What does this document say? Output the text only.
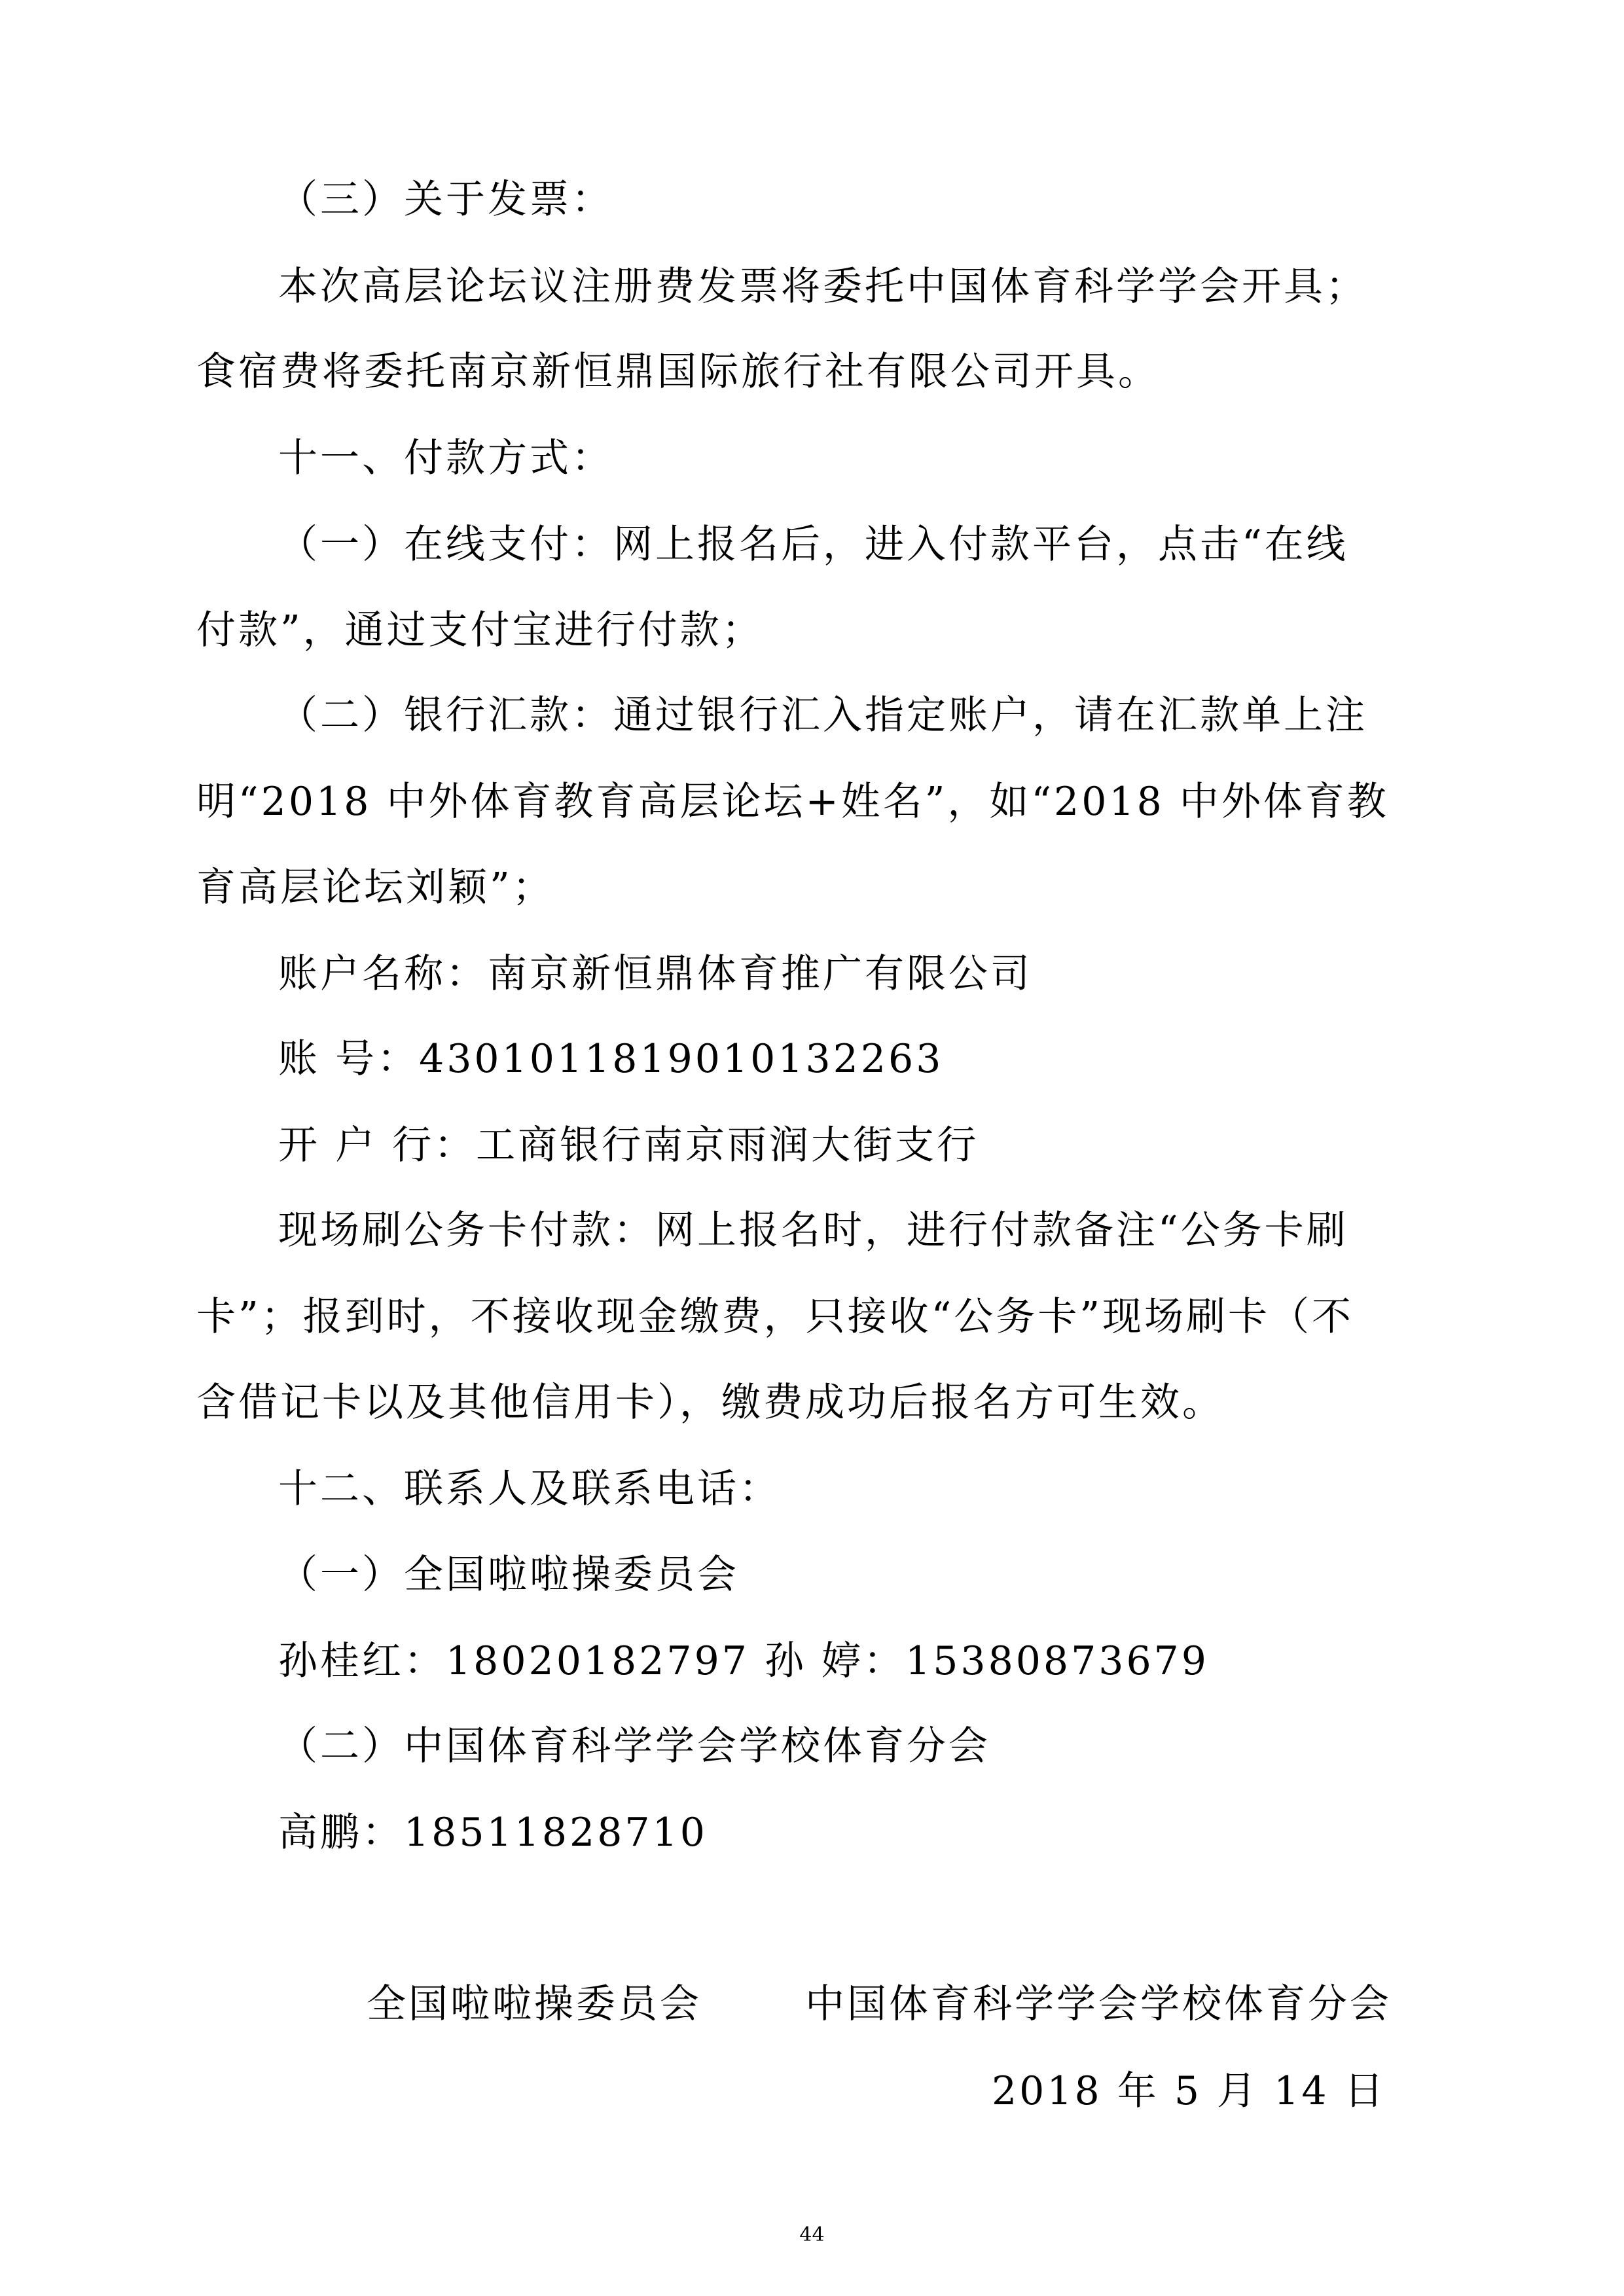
（三）关于发票：
本次高层论坛议注册费发票将委托中国体育科学学会开具；
食宿费将委托南京新恒鼎国际旅行社有限公司开具。
十一、付款方式：
（一）在线支付：网上报名后，进入付款平台，点击“在线
付款”，通过支付宝进行付款；
（二）银行汇款：通过银行汇入指定账户，请在汇款单上注
明“2018 中外体育教育高层论坛+姓名”，如“2018 中外体育教
育高层论坛刘颖”；
账户名称：南京新恒鼎体育推广有限公司
账 号：4301011819010132263
开 户 行：工商银行南京雨润大街支行
现场刷公务卡付款：网上报名时，进行付款备注“公务卡刷
卡”；报到时，不接收现金缴费，只接收“公务卡”现场刷卡（不
含借记卡以及其他信用卡），缴费成功后报名方可生效。
十二、联系人及联系电话：
（一）全国啦啦操委员会
孙桂红：18020182797 孙 婷：15380873679
（二）中国体育科学学会学校体育分会
高鹏：18511828710
全国啦啦操委员会	中国体育科学学会学校体育分会
2018 年 5 月 14 日
44
